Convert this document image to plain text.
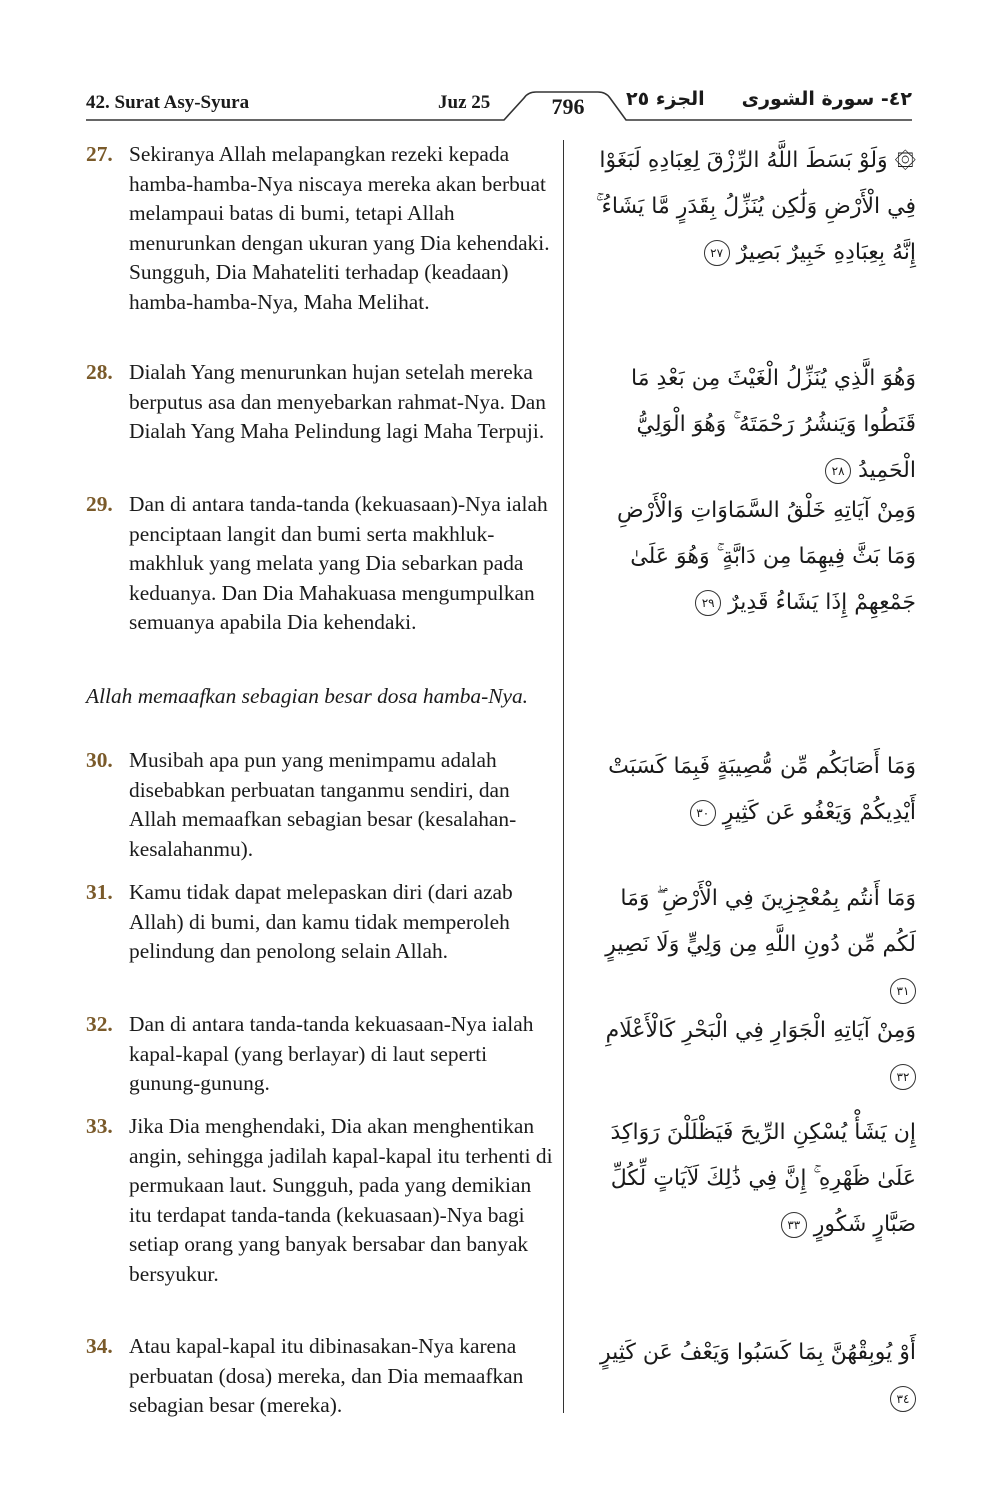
42. Surat Asy-Syura	Juz 25	796	الجزء ٢٥ ٤٢- سورة الشورى
27. Sekiranya Allah melapangkan rezeki kepada hamba-hamba-Nya niscaya mereka akan berbuat melampaui batas di bumi, tetapi Allah menurunkan dengan ukuran yang Dia kehendaki. Sungguh, Dia Mahateliti terhadap (keadaan) hamba-hamba-Nya, Maha Melihat.
۞ وَلَوْ بَسَطَ اللَّهُ الرِّزْقَ لِعِبَادِهِ لَبَغَوْا فِي الْأَرْضِ وَلَٰكِن يُنَزِّلُ بِقَدَرٍ مَّا يَشَاءُ ۚ إِنَّهُ بِعِبَادِهِ خَبِيرٌ بَصِيرٌ ٢٧
28. Dialah Yang menurunkan hujan setelah mereka berputus asa dan menyebarkan rahmat-Nya. Dan Dialah Yang Maha Pelindung lagi Maha Terpuji.
وَهُوَ الَّذِي يُنَزِّلُ الْغَيْثَ مِن بَعْدِ مَا قَنَطُوا وَيَنشُرُ رَحْمَتَهُ ۚ وَهُوَ الْوَلِيُّ الْحَمِيدُ ٢٨
29. Dan di antara tanda-tanda (kekuasaan)-Nya ialah penciptaan langit dan bumi serta makhluk-makhluk yang melata yang Dia sebarkan pada keduanya. Dan Dia Mahakuasa mengumpulkan semuanya apabila Dia kehendaki.
وَمِنْ آيَاتِهِ خَلْقُ السَّمَاوَاتِ وَالْأَرْضِ وَمَا بَثَّ فِيهِمَا مِن دَابَّةٍ ۚ وَهُوَ عَلَىٰ جَمْعِهِمْ إِذَا يَشَاءُ قَدِيرٌ ٢٩
Allah memaafkan sebagian besar dosa hamba-Nya.
30. Musibah apa pun yang menimpamu adalah disebabkan perbuatan tanganmu sendiri, dan Allah memaafkan sebagian besar (kesalahan-kesalahanmu).
وَمَا أَصَابَكُم مِّن مُّصِيبَةٍ فَبِمَا كَسَبَتْ أَيْدِيكُمْ وَيَعْفُو عَن كَثِيرٍ ٣٠
31. Kamu tidak dapat melepaskan diri (dari azab Allah) di bumi, dan kamu tidak memperoleh pelindung dan penolong selain Allah.
وَمَا أَنتُم بِمُعْجِزِينَ فِي الْأَرْضِ ۖ وَمَا لَكُم مِّن دُونِ اللَّهِ مِن وَلِيٍّ وَلَا نَصِيرٍ ٣١
32. Dan di antara tanda-tanda kekuasaan-Nya ialah kapal-kapal (yang berlayar) di laut seperti gunung-gunung.
وَمِنْ آيَاتِهِ الْجَوَارِ فِي الْبَحْرِ كَالْأَعْلَامِ ٣٢
33. Jika Dia menghendaki, Dia akan menghentikan angin, sehingga jadilah kapal-kapal itu terhenti di permukaan laut. Sungguh, pada yang demikian itu terdapat tanda-tanda (kekuasaan)-Nya bagi setiap orang yang banyak bersabar dan banyak bersyukur.
إِن يَشَأْ يُسْكِنِ الرِّيحَ فَيَظْلَلْنَ رَوَاكِدَ عَلَىٰ ظَهْرِهِ ۚ إِنَّ فِي ذَٰلِكَ لَآيَاتٍ لِّكُلِّ صَبَّارٍ شَكُورٍ ٣٣
34. Atau kapal-kapal itu dibinasakan-Nya karena perbuatan (dosa) mereka, dan Dia memaafkan sebagian besar (mereka).
أَوْ يُوبِقْهُنَّ بِمَا كَسَبُوا وَيَعْفُ عَن كَثِيرٍ ٣٤
